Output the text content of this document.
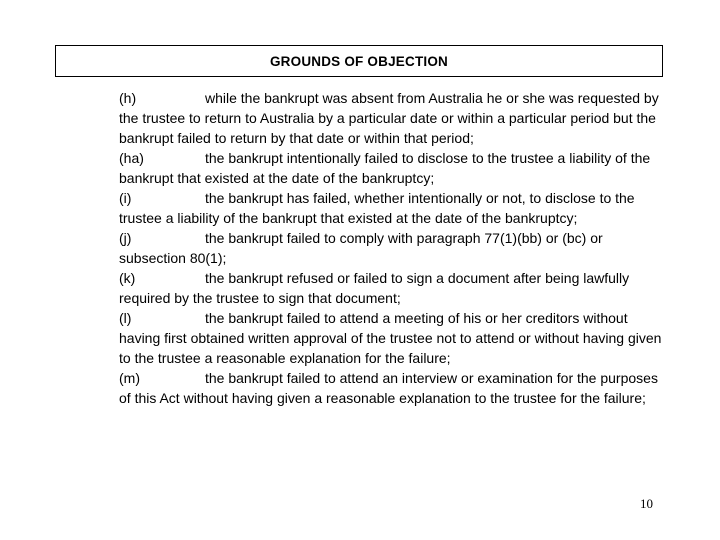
GROUNDS OF OBJECTION

(h)	while the bankrupt was absent from Australia he or she was requested by the trustee to return to Australia by a particular date or within a particular period but the bankrupt failed to return by that date or within that period;

(ha)	the bankrupt intentionally failed to disclose to the trustee a liability of the bankrupt that existed at the date of the bankruptcy;

(i)	the bankrupt has failed, whether intentionally or not, to disclose to the trustee a liability of the bankrupt that existed at the date of the bankruptcy;

(j)	the bankrupt failed to comply with paragraph 77(1)(bb) or (bc) or subsection 80(1);

(k)	the bankrupt refused or failed to sign a document after being lawfully required by the trustee to sign that document;

(l)	the bankrupt failed to attend a meeting of his or her creditors without having first obtained written approval of the trustee not to attend or without having given to the trustee a reasonable explanation for the failure;

(m)	the bankrupt failed to attend an interview or examination for the purposes of this Act without having given a reasonable explanation to the trustee for the failure;

10
